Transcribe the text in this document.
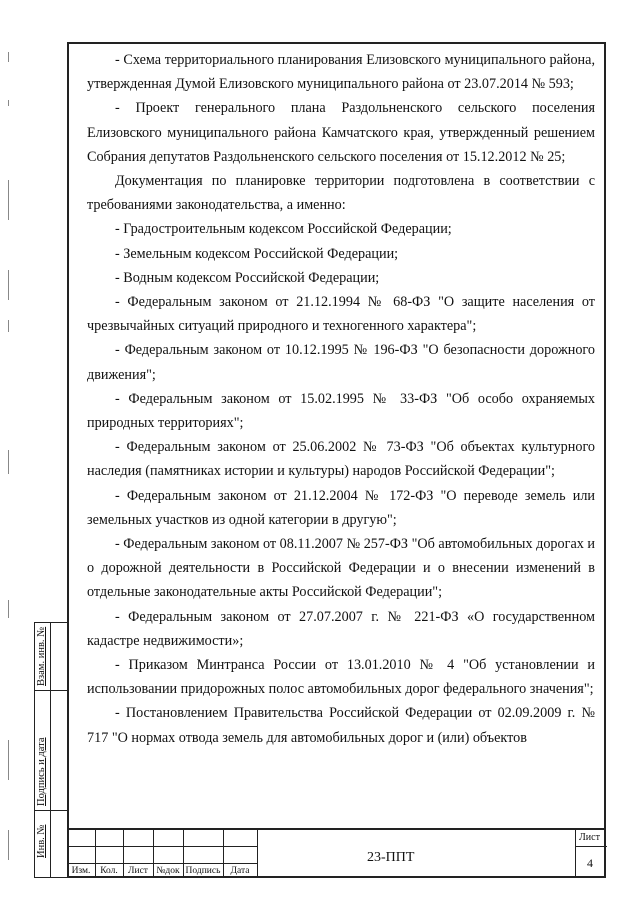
- Схема территориального планирования Елизовского муниципального района, утвержденная Думой Елизовского муниципального района от 23.07.2014 № 593;

- Проект генерального плана Раздольненского сельского поселения Елизовского муниципального района Камчатского края, утвержденный решением Собрания депутатов Раздольненского сельского поселения от 15.12.2012 № 25;

Документация по планировке территории подготовлена в соответствии с требованиями законодательства, а именно:

- Градостроительным кодексом Российской Федерации;

- Земельным кодексом Российской Федерации;

- Водным кодексом Российской Федерации;

- Федеральным законом от 21.12.1994 № 68-ФЗ "О защите населения от чрезвычайных ситуаций природного и техногенного характера";

- Федеральным законом от 10.12.1995 № 196-ФЗ "О безопасности дорожного движения";

- Федеральным законом от 15.02.1995 № 33-ФЗ "Об особо охраняемых природных территориях";

- Федеральным законом от 25.06.2002 № 73-ФЗ "Об объектах культурного наследия (памятниках истории и культуры) народов Российской Федерации";

- Федеральным законом от 21.12.2004 № 172-ФЗ "О переводе земель или земельных участков из одной категории в другую";

- Федеральным законом от 08.11.2007 № 257-ФЗ "Об автомобильных дорогах и о дорожной деятельности в Российской Федерации и о внесении изменений в отдельные законодательные акты Российской Федерации";

- Федеральным законом от 27.07.2007 г. № 221-ФЗ «О государственном кадастре недвижимости»;

- Приказом Минтранса России от 13.01.2010 № 4 "Об установлении и использовании придорожных полос автомобильных дорог федерального значения";

- Постановлением Правительства Российской Федерации от 02.09.2009 г. № 717 "О нормах отвода земель для автомобильных дорог и (или) объектов

Взам. инв. №
Подпись и дата
Инв. №
Изм.	Кол.	Лист №док Подпись	Дата
23-ППТ
Лист
4
